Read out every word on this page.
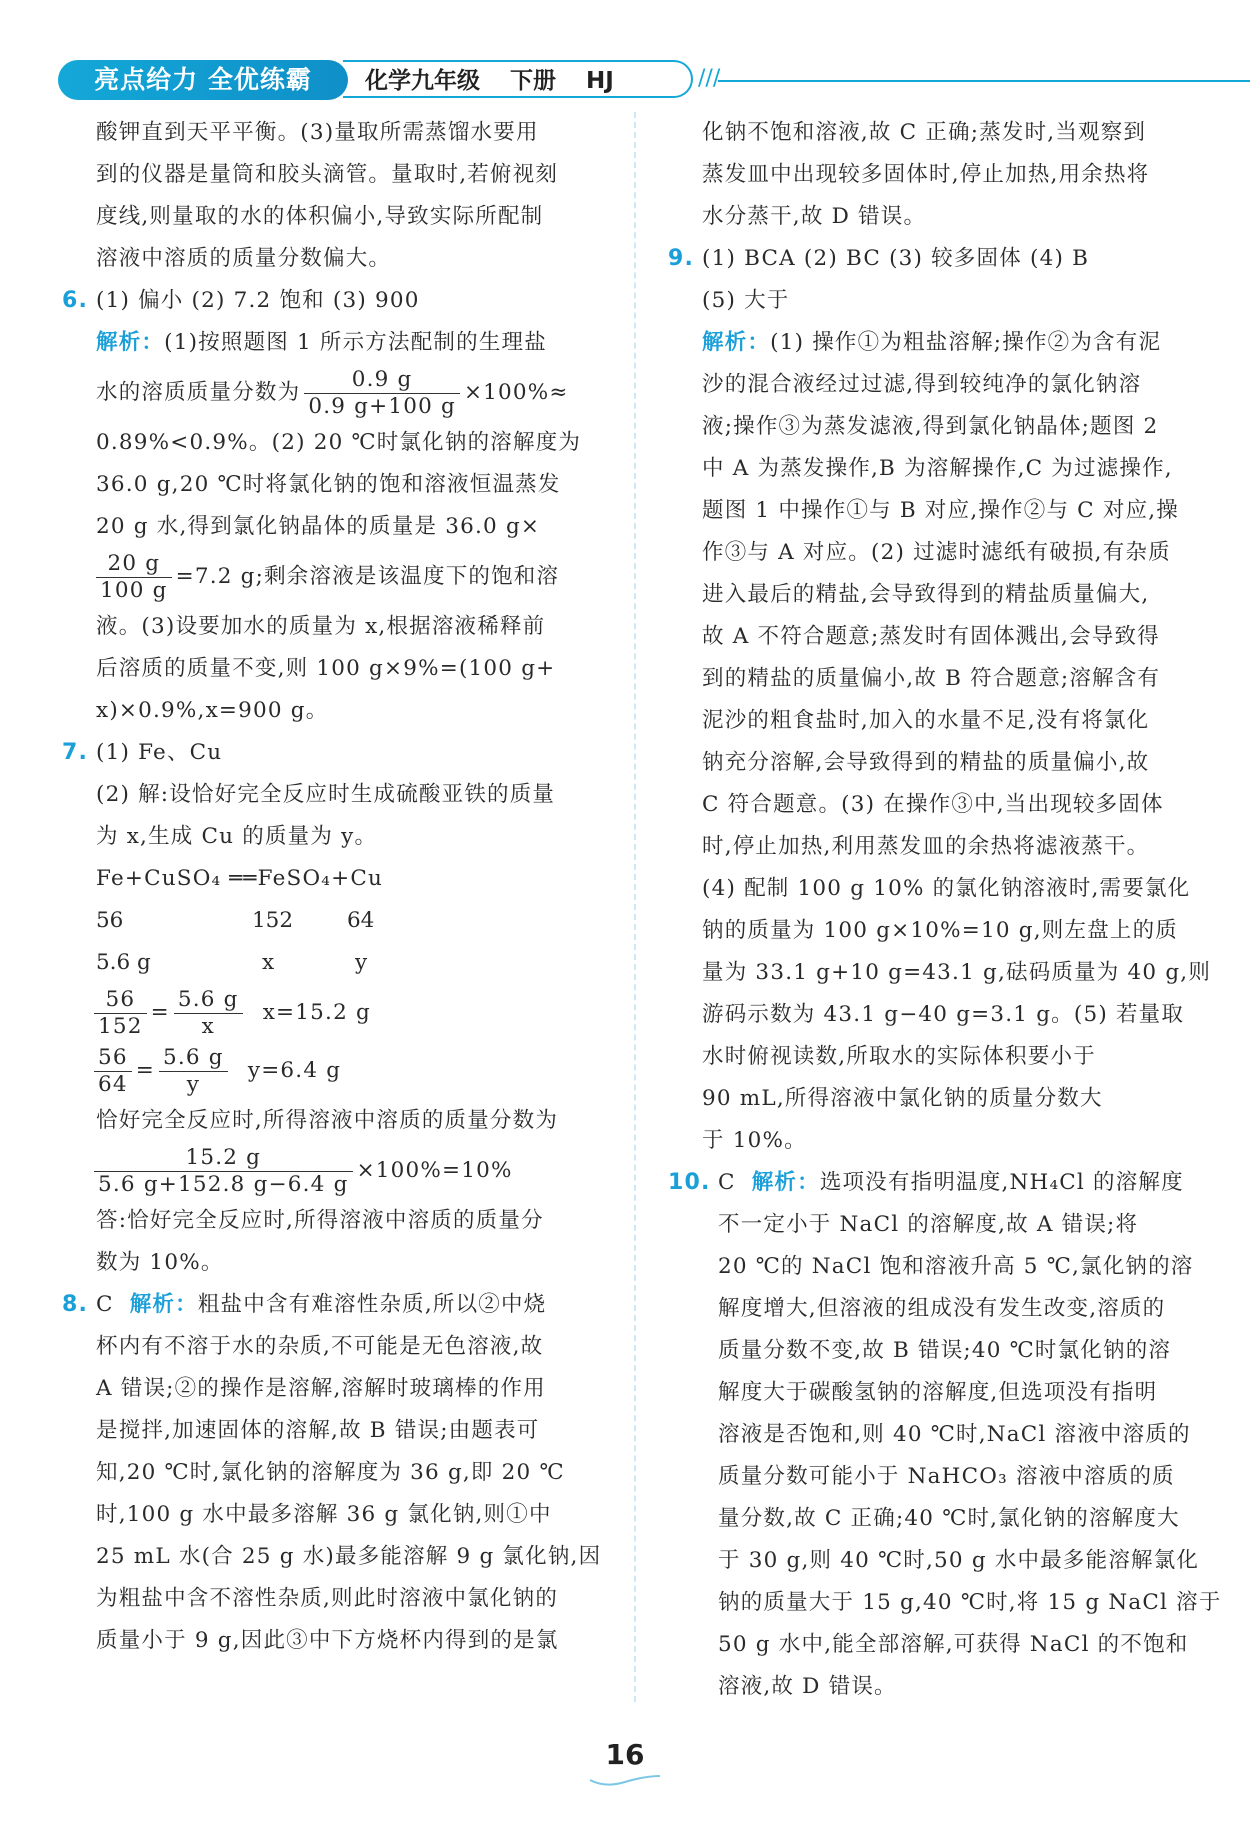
亮点给力 全优练霸	化学九年级 下册 HJ	///
酸钾直到天平平衡。(3)量取所需蒸馏水要用
到的仪器是量筒和胶头滴管。量取时,若俯视刻
度线,则量取的水的体积偏小,导致实际所配制
溶液中溶质的质量分数偏大。
6. (1) 偏小 (2) 7.2 饱和 (3) 900
解析：(1)按照题图 1 所示方法配制的生理盐
水的溶质质量分数为 $\frac{0.9 g}{0.9 g+100 g} \times 100\%\approx$
0.89%<0.9%。(2) 20 ℃时氯化钠的溶解度为
36.0 g,20 ℃时将氯化钠的饱和溶液恒温蒸发
20 g 水,得到氯化钠晶体的质量是 36.0 g×
$\frac{20 g}{100 g} =7.2$ g;剩余溶液是该温度下的饱和溶
液。(3)设要加水的质量为 x,根据溶液稀释前
后溶质的质量不变,则 100 g×9%=(100 g+
x)×0.9%,x=900 g。
7. (1) Fe、Cu
(2) 解:设恰好完全反应时生成硫酸亚铁的质量
为 x,生成 Cu 的质量为 y。
Fe+CuSO₄ ══FeSO₄+Cu
56	152	64
5.6 g	x	y
$\frac{56}{152} = \frac{5.6 g}{x} x=15.2$ g
$\frac{56}{64} = \frac{5.6 g}{y} y=6.4$ g
恰好完全反应时,所得溶液中溶质的质量分数为
$\frac{15.2 g}{5.6 g+152.8 g-6.4 g} \times 100\%=10\%$
答:恰好完全反应时,所得溶液中溶质的质量分
数为 10%。
8. C 解析：粗盐中含有难溶性杂质,所以②中烧
杯内有不溶于水的杂质,不可能是无色溶液,故
A 错误;②的操作是溶解,溶解时玻璃棒的作用
是搅拌,加速固体的溶解,故 B 错误;由题表可
知,20 ℃时,氯化钠的溶解度为 36 g,即 20 ℃
时,100 g 水中最多溶解 36 g 氯化钠,则①中
25 mL 水(合 25 g 水)最多能溶解 9 g 氯化钠,因
为粗盐中含不溶性杂质,则此时溶液中氯化钠的
质量小于 9 g,因此③中下方烧杯内得到的是氯
化钠不饱和溶液,故 C 正确;蒸发时,当观察到
蒸发皿中出现较多固体时,停止加热,用余热将
水分蒸干,故 D 错误。
9. (1) BCA (2) BC (3) 较多固体 (4) B
(5) 大于
解析：(1) 操作①为粗盐溶解;操作②为含有泥
沙的混合液经过过滤,得到较纯净的氯化钠溶
液;操作③为蒸发滤液,得到氯化钠晶体;题图 2
中 A 为蒸发操作,B 为溶解操作,C 为过滤操作,
题图 1 中操作①与 B 对应,操作②与 C 对应,操
作③与 A 对应。(2) 过滤时滤纸有破损,有杂质
进入最后的精盐,会导致得到的精盐质量偏大,
故 A 不符合题意;蒸发时有固体溅出,会导致得
到的精盐的质量偏小,故 B 符合题意;溶解含有
泥沙的粗食盐时,加入的水量不足,没有将氯化
钠充分溶解,会导致得到的精盐的质量偏小,故
C 符合题意。(3) 在操作③中,当出现较多固体
时,停止加热,利用蒸发皿的余热将滤液蒸干。
(4) 配制 100 g 10% 的氯化钠溶液时,需要氯化
钠的质量为 100 g×10%=10 g,则左盘上的质
量为 33.1 g+10 g=43.1 g,砝码质量为 40 g,则
游码示数为 43.1 g−40 g=3.1 g。(5) 若量取
水时俯视读数,所取水的实际体积要小于
90 mL,所得溶液中氯化钠的质量分数大
于 10%。
10. C 解析：选项没有指明温度,NH₄Cl 的溶解度
不一定小于 NaCl 的溶解度,故 A 错误;将
20 ℃的 NaCl 饱和溶液升高 5 ℃,氯化钠的溶
解度增大,但溶液的组成没有发生改变,溶质的
质量分数不变,故 B 错误;40 ℃时氯化钠的溶
解度大于碳酸氢钠的溶解度,但选项没有指明
溶液是否饱和,则 40 ℃时,NaCl 溶液中溶质的
质量分数可能小于 NaHCO₃ 溶液中溶质的质
量分数,故 C 正确;40 ℃时,氯化钠的溶解度大
于 30 g,则 40 ℃时,50 g 水中最多能溶解氯化
钠的质量大于 15 g,40 ℃时,将 15 g NaCl 溶于
50 g 水中,能全部溶解,可获得 NaCl 的不饱和
溶液,故 D 错误。
16
